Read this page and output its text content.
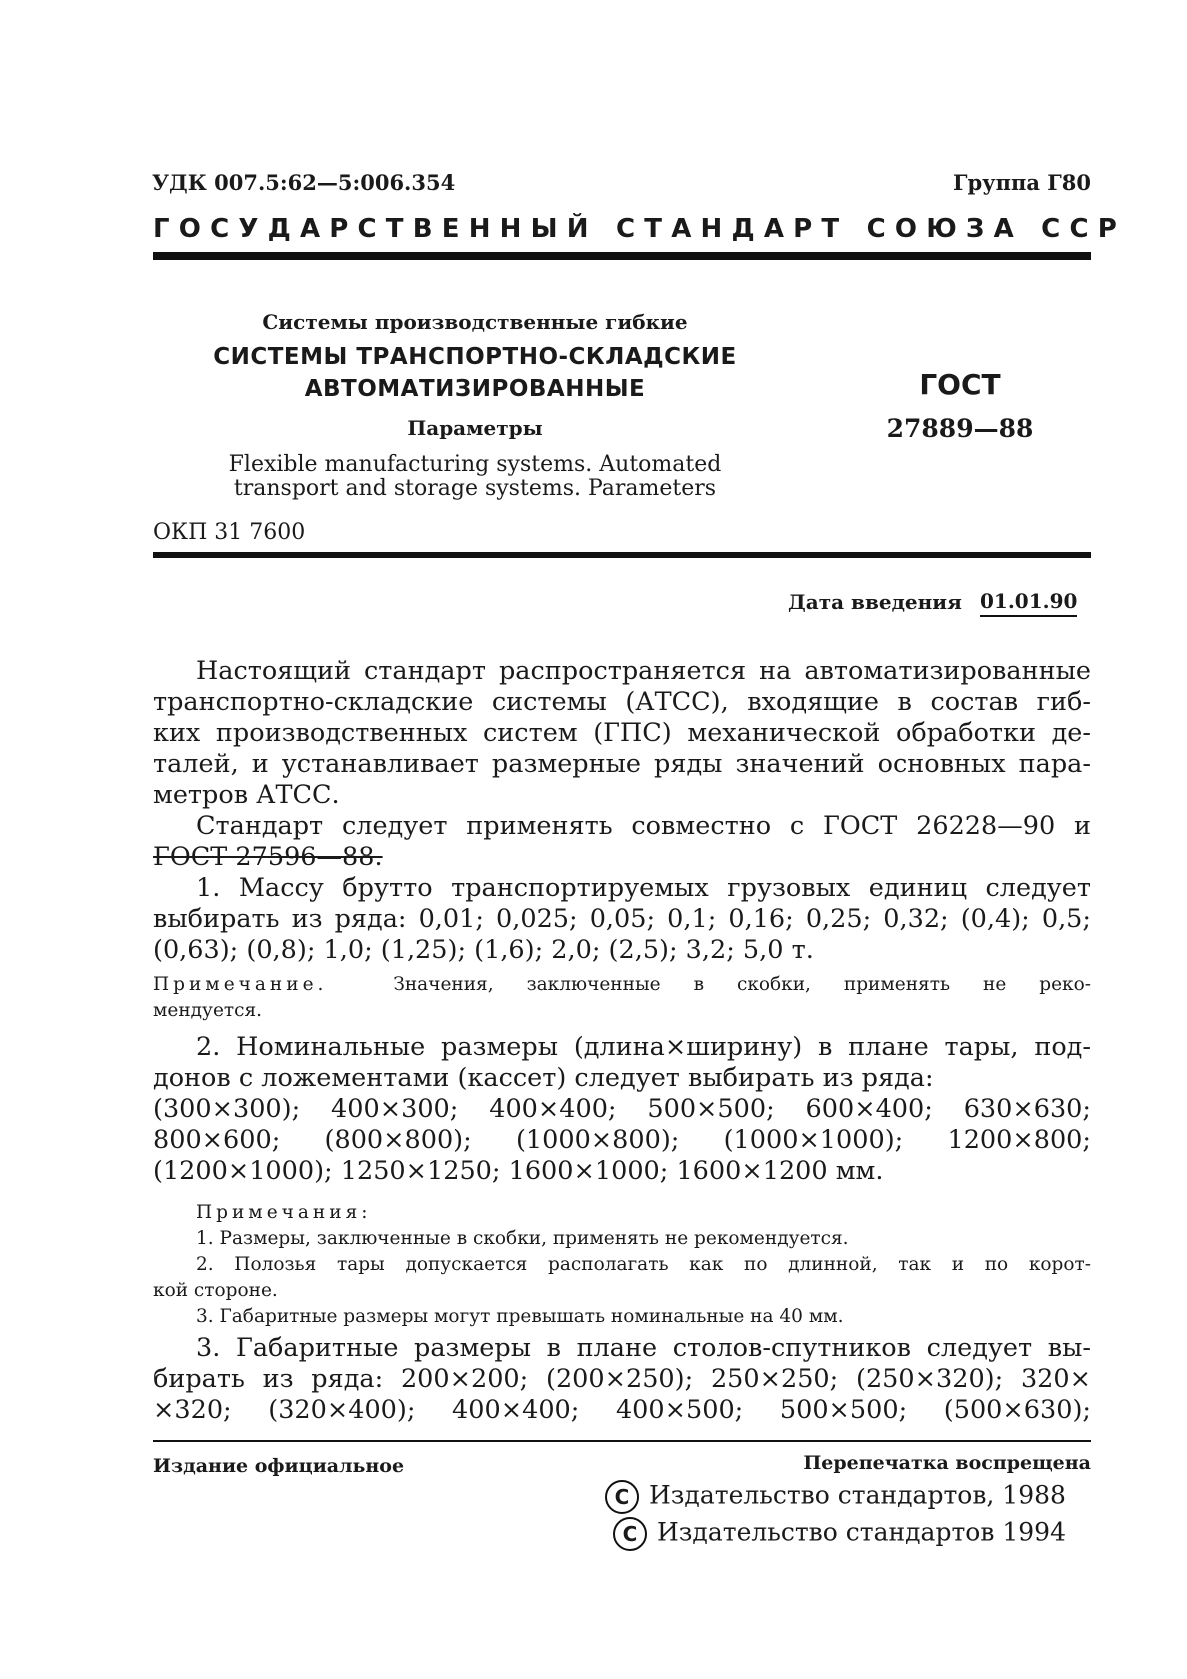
УДК 007.5:62—5:006.354	Группа Г80
ГОСУДАРСТВЕННЫЙ СТАНДАРТ СОЮЗА ССР
Системы производственные гибкие
СИСТЕМЫ ТРАНСПОРТНО-СКЛАДСКИЕ
АВТОМАТИЗИРОВАННЫЕ
Параметры
Flexible manufacturing systems. Automated
transport and storage systems. Parameters
ГОСТ
27889—88
ОКП 31 7600
Дата введения 01.01.90
Настоящий стандарт распространяется на автоматизированные
транспортно-складские системы (АТСС), входящие в состав гиб-
ких производственных систем (ГПС) механической обработки де-
талей, и устанавливает размерные ряды значений основных пара-
метров АТСС.
Стандарт следует применять совместно с ГОСТ 26228—90 и
ГОСТ 27596—88.
1. Массу брутто транспортируемых грузовых единиц следует
выбирать из ряда: 0,01; 0,025; 0,05; 0,1; 0,16; 0,25; 0,32; (0,4); 0,5;
(0,63); (0,8); 1,0; (1,25); (1,6); 2,0; (2,5); 3,2; 5,0 т.
Примечание.	Значения, заключенные в скобки, применять не реко-
мендуется.
2. Номинальные размеры (длина×ширину) в плане тары, под-
донов с ложементами (кассет) следует выбирать из ряда:
(300×300); 400×300; 400×400; 500×500; 600×400; 630×630;
800×600; (800×800); (1000×800); (1000×1000); 1200×800;
(1200×1000); 1250×1250; 1600×1000; 1600×1200 мм.
Примечания:
1. Размеры, заключенные в скобки, применять не рекомендуется.
2. Полозья тары допускается располагать как по длинной, так и по корот-
кой стороне.
3. Габаритные размеры могут превышать номинальные на 40 мм.
3. Габаритные размеры в плане столов-спутников следует вы-
бирать из ряда: 200×200; (200×250); 250×250; (250×320); 320×
×320; (320×400); 400×400; 400×500; 500×500; (500×630);
Издание официальное	Перепечатка воспрещена
C Издательство стандартов, 1988
C Издательство стандартов 1994
